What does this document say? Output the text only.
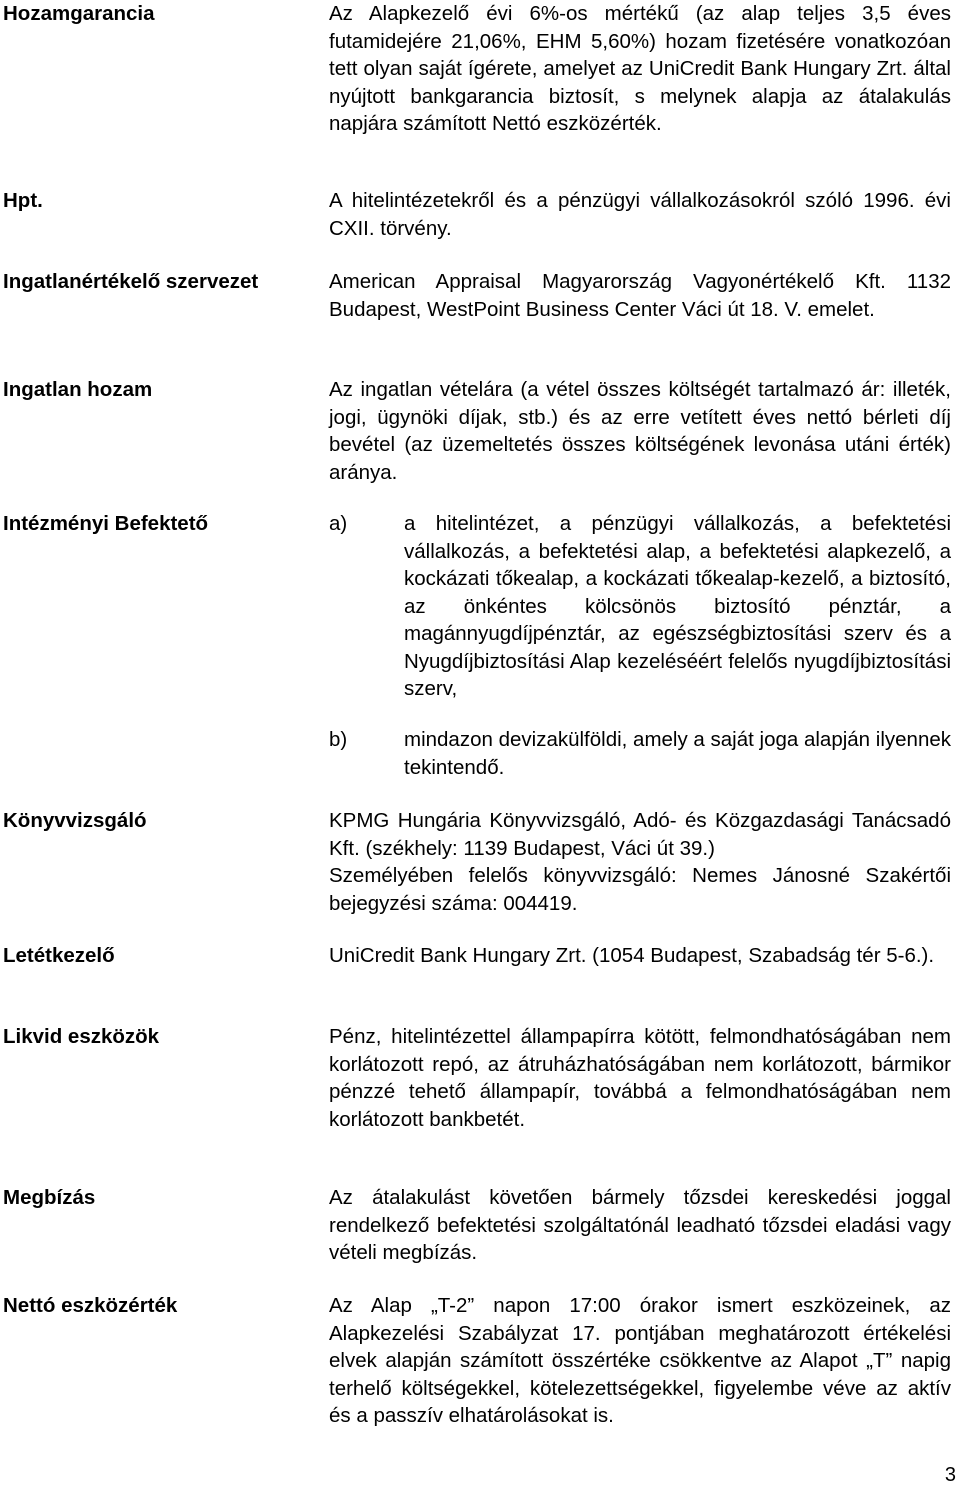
Hozamgarancia	Az Alapkezelő évi 6%-os mértékű (az alap teljes 3,5 éves futamidejére 21,06%, EHM 5,60%) hozam fizetésére vonatkozóan tett olyan saját ígérete, amelyet az UniCredit Bank Hungary Zrt. által nyújtott bankgarancia biztosít, s melynek alapja az átalakulás napjára számított Nettó eszközérték.
Hpt.	A hitelintézetekről és a pénzügyi vállalkozásokról szóló 1996. évi CXII. törvény.
Ingatlanértékelő szervezet	American Appraisal Magyarország Vagyonértékelő Kft. 1132 Budapest, WestPoint Business Center Váci út 18. V. emelet.
Ingatlan hozam	Az ingatlan vételára (a vétel összes költségét tartalmazó ár: illeték, jogi, ügynöki díjak, stb.) és az erre vetített éves nettó bérleti díj bevétel (az üzemeltetés összes költségének levonása utáni érték) aránya.
Intézményi Befektető	a)	a hitelintézet, a pénzügyi vállalkozás, a befektetési vállalkozás, a befektetési alap, a befektetési alapkezelő, a kockázati tőkealap, a kockázati tőkealap-kezelő, a biztosító, az önkéntes kölcsönös biztosító pénztár, a magánnyugdíjpénztár, az egészségbiztosítási szerv és a Nyugdíjbiztosítási Alap kezeléséért felelős nyugdíjbiztosítási szerv,
b)	mindazon devizakülföldi, amely a saját joga alapján ilyennek tekintendő.
Könyvvizsgáló	KPMG Hungária Könyvvizsgáló, Adó- és Közgazdasági Tanácsadó Kft. (székhely: 1139 Budapest, Váci út 39.)

Személyében felelős könyvvizsgáló: Nemes Jánosné Szakértői bejegyzési száma: 004419.

Letétkezelő	UniCredit Bank Hungary Zrt. (1054 Budapest, Szabadság tér 5-6.).
Likvid eszközök	Pénz, hitelintézettel állampapírra kötött, felmondhatóságában nem korlátozott repó, az átruházhatóságában nem korlátozott, bármikor pénzzé tehető állampapír, továbbá a felmondhatóságában nem korlátozott bankbetét.
Megbízás	Az átalakulást követően bármely tőzsdei kereskedési joggal rendelkező befektetési szolgáltatónál leadható tőzsdei eladási vagy vételi megbízás.
Nettó eszközérték	Az Alap „T-2” napon 17:00 órakor ismert eszközeinek, az Alapkezelési Szabályzat 17. pontjában meghatározott értékelési elvek alapján számított összértéke csökkentve az Alapot „T” napig terhelő költségekkel, kötelezettségekkel, figyelembe véve az aktív és a passzív elhatárolásokat is.
3
